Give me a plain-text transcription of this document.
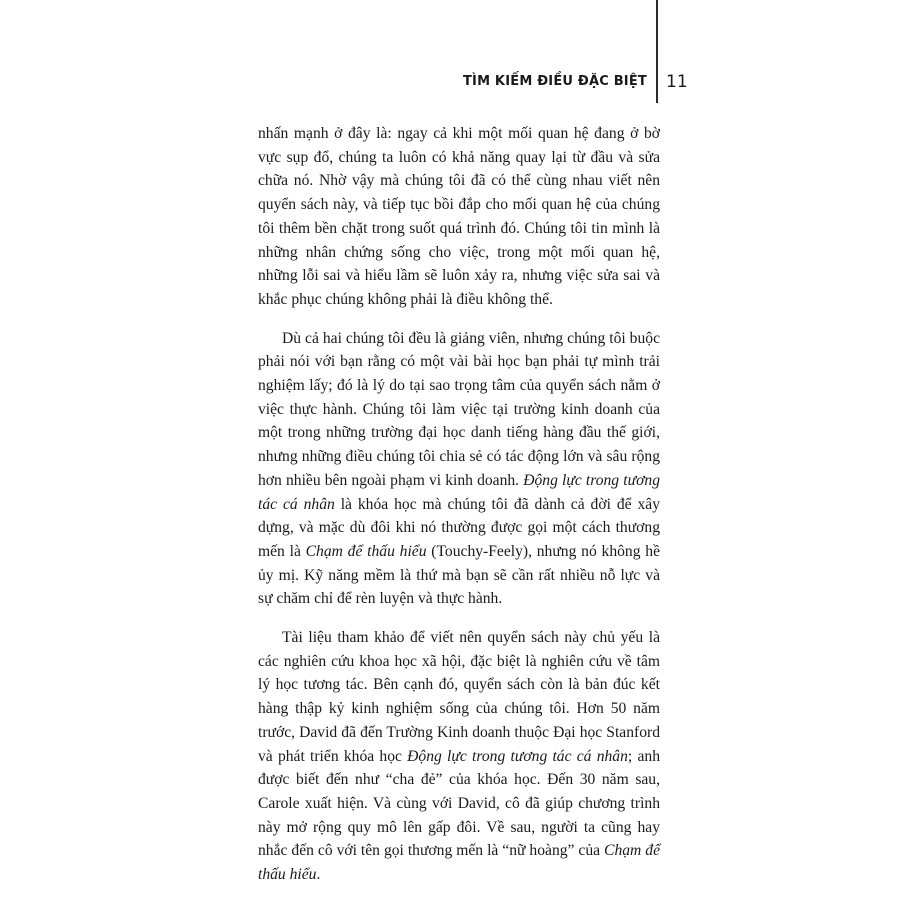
TÌM KIẾM ĐIỀU ĐẶC BIỆT 11

nhấn mạnh ở đây là: ngay cả khi một mối quan hệ đang ở bờ vực sụp đổ, chúng ta luôn có khả năng quay lại từ đầu và sửa chữa nó. Nhờ vậy mà chúng tôi đã có thể cùng nhau viết nên quyển sách này, và tiếp tục bồi đắp cho mối quan hệ của chúng tôi thêm bền chặt trong suốt quá trình đó. Chúng tôi tin mình là những nhân chứng sống cho việc, trong một mối quan hệ, những lỗi sai và hiểu lầm sẽ luôn xảy ra, nhưng việc sửa sai và khắc phục chúng không phải là điều không thể.

Dù cả hai chúng tôi đều là giảng viên, nhưng chúng tôi buộc phải nói với bạn rằng có một vài bài học bạn phải tự mình trải nghiệm lấy; đó là lý do tại sao trọng tâm của quyển sách nằm ở việc thực hành. Chúng tôi làm việc tại trường kinh doanh của một trong những trường đại học danh tiếng hàng đầu thế giới, nhưng những điều chúng tôi chia sẻ có tác động lớn và sâu rộng hơn nhiều bên ngoài phạm vi kinh doanh. Động lực trong tương tác cá nhân là khóa học mà chúng tôi đã dành cả đời để xây dựng, và mặc dù đôi khi nó thường được gọi một cách thương mến là Chạm để thấu hiểu (Touchy-Feely), nhưng nó không hề ủy mị. Kỹ năng mềm là thứ mà bạn sẽ cần rất nhiều nỗ lực và sự chăm chỉ để rèn luyện và thực hành.

Tài liệu tham khảo để viết nên quyển sách này chủ yếu là các nghiên cứu khoa học xã hội, đặc biệt là nghiên cứu về tâm lý học tương tác. Bên cạnh đó, quyển sách còn là bản đúc kết hàng thập kỷ kinh nghiệm sống của chúng tôi. Hơn 50 năm trước, David đã đến Trường Kinh doanh thuộc Đại học Stanford và phát triển khóa học Động lực trong tương tác cá nhân; anh được biết đến như “cha đẻ” của khóa học. Đến 30 năm sau, Carole xuất hiện. Và cùng với David, cô đã giúp chương trình này mở rộng quy mô lên gấp đôi. Về sau, người ta cũng hay nhắc đến cô với tên gọi thương mến là “nữ hoàng” của Chạm để thấu hiểu.
